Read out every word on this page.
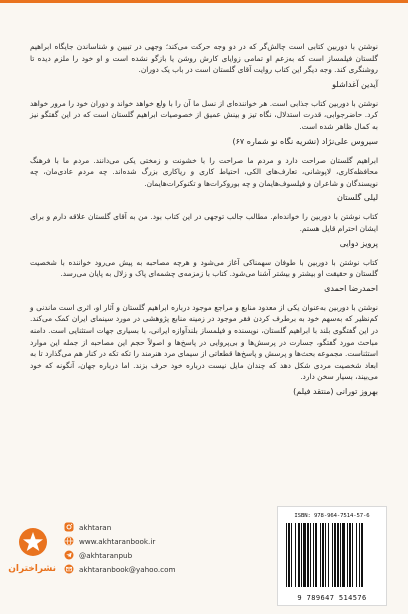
نوشتن با دوربین کتابی است چالش‌گر که در دو وجه حرکت می‌کند؛ وجهی در تبیین و شناساندن جایگاه ابراهیم گلستان فیلمساز است که به‌زعم او تمامی زوایای کارش روشن یا بازگو نشده است و او خود را ملزم دیده تا روشنگری کند. وجه دیگر این کتاب روایت آقای گلستان است در باب یک دوران.

آیدین آغداشلو

نوشتن با دوربین کتاب جذابی است. هر خواننده‌ای از نسل ما آن را با ولع خواهد خواند و دوران خود را مرور خواهد کرد. حاضرجوابی، قدرت استدلال، نگاه تیز و بینش عمیق از خصوصیات ابراهیم گلستان است که در این گفتگو نیز به کمال ظاهر شده است.

سیروس علی‌نژاد (نشریه نگاه نو شماره ۶۷)

ابراهیم گلستان صراحت دارد و مردم ما صراحت را با خشونت و زمختی یکی می‌دانند. مردم ما با فرهنگ محافظه‌کاری، لاپوشانی، تعارف‌های الکی، احتیاط کاری و ریاکاری بزرگ شده‌اند. چه مردم عادی‌مان، چه نویسندگان و شاعران و فیلسوف‌هایمان و چه بوروکرات‌ها و تکنوکرات‌هایمان.

لیلی گلستان

کتاب نوشتن با دوربین را خوانده‌ام. مطالب جالب توجهی در این کتاب بود. من به آقای گلستان علاقه دارم و برای ایشان احترام قایل هستم.

پرویز دوایی

کتاب نوشتن با دوربین با طوفان سهمناکی آغاز می‌شود و هرچه مصاحبه به پیش می‌رود خواننده با شخصیت گلستان و حقیقت او بیشتر و بیشتر آشنا می‌شود. کتاب با زمزمه‌ی چشمه‌ای پاک و زلال به پایان می‌رسد.

احمدرضا احمدی

نوشتن با دوربین به‌عنوان یکی از معدود منابع و مراجع موجود درباره ابراهیم گلستان و آثار او، اثری است ماندنی و کم‌نظیر که به‌سهم خود به برطرف کردن فقر موجود در زمینه منابع پژوهشی در مورد سینمای ایران کمک می‌کند. در این گفتگوی بلند با ابراهیم گلستان، نویسنده و فیلمساز بلندآوازه ایرانی، با بسیاری جهات استثنایی است. دامنه مباحث مورد گفتگو، جسارت در پرسش‌ها و بی‌پروایی در پاسخ‌ها و اصولاً حجم این مصاحبه از جمله این موارد استثناست. مجموعه بحث‌ها و پرسش و پاسخ‌ها قطعاتی از سیمای مرد هنرمند را تکه تکه در کنار هم می‌گذارد تا به ابعاد شخصیت مردی شکل دهد که چندان مایل نیست درباره خود حرف بزند. اما درباره جهان، آنگونه که خود می‌بیند، بسیار سخن دارد.

بهروز تورانی (منتقد فیلم)
نشراختران
akhtaran
www.akhtaranbook.ir
@akhtaranpub
akhtaranbook@yahoo.com
ISBN: 978-964-7514-57-6
9 789647 514576
